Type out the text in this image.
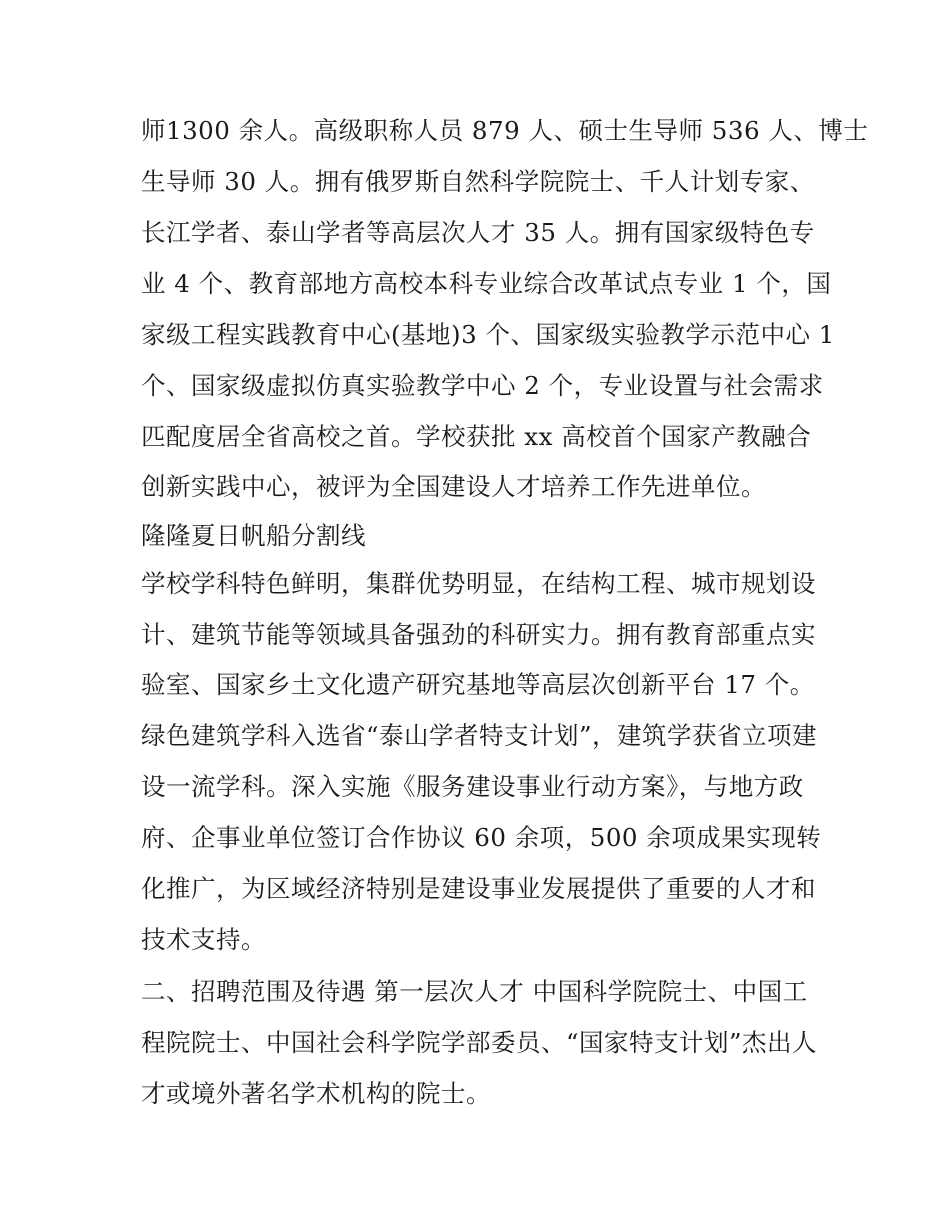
师1300 余人。高级职称人员 879 人、硕士生导师 536 人、博士
生导师 30 人。拥有俄罗斯自然科学院院士、千人计划专家、
长江学者、泰山学者等高层次人才 35 人。拥有国家级特色专
业 4 个、教育部地方高校本科专业综合改革试点专业 1 个，国
家级工程实践教育中心(基地)3 个、国家级实验教学示范中心 1
个、国家级虚拟仿真实验教学中心 2 个，专业设置与社会需求
匹配度居全省高校之首。学校获批 xx 高校首个国家产教融合
创新实践中心，被评为全国建设人才培养工作先进单位。
隆隆夏日帆船分割线
学校学科特色鲜明，集群优势明显，在结构工程、城市规划设
计、建筑节能等领域具备强劲的科研实力。拥有教育部重点实
验室、国家乡土文化遗产研究基地等高层次创新平台 17 个。
绿色建筑学科入选省“泰山学者特支计划”，建筑学获省立项建
设一流学科。深入实施《服务建设事业行动方案》，与地方政
府、企事业单位签订合作协议 60 余项，500 余项成果实现转
化推广，为区域经济特别是建设事业发展提供了重要的人才和
技术支持。
二、招聘范围及待遇 第一层次人才 中国科学院院士、中国工
程院院士、中国社会科学院学部委员、“国家特支计划”杰出人
才或境外著名学术机构的院士。
